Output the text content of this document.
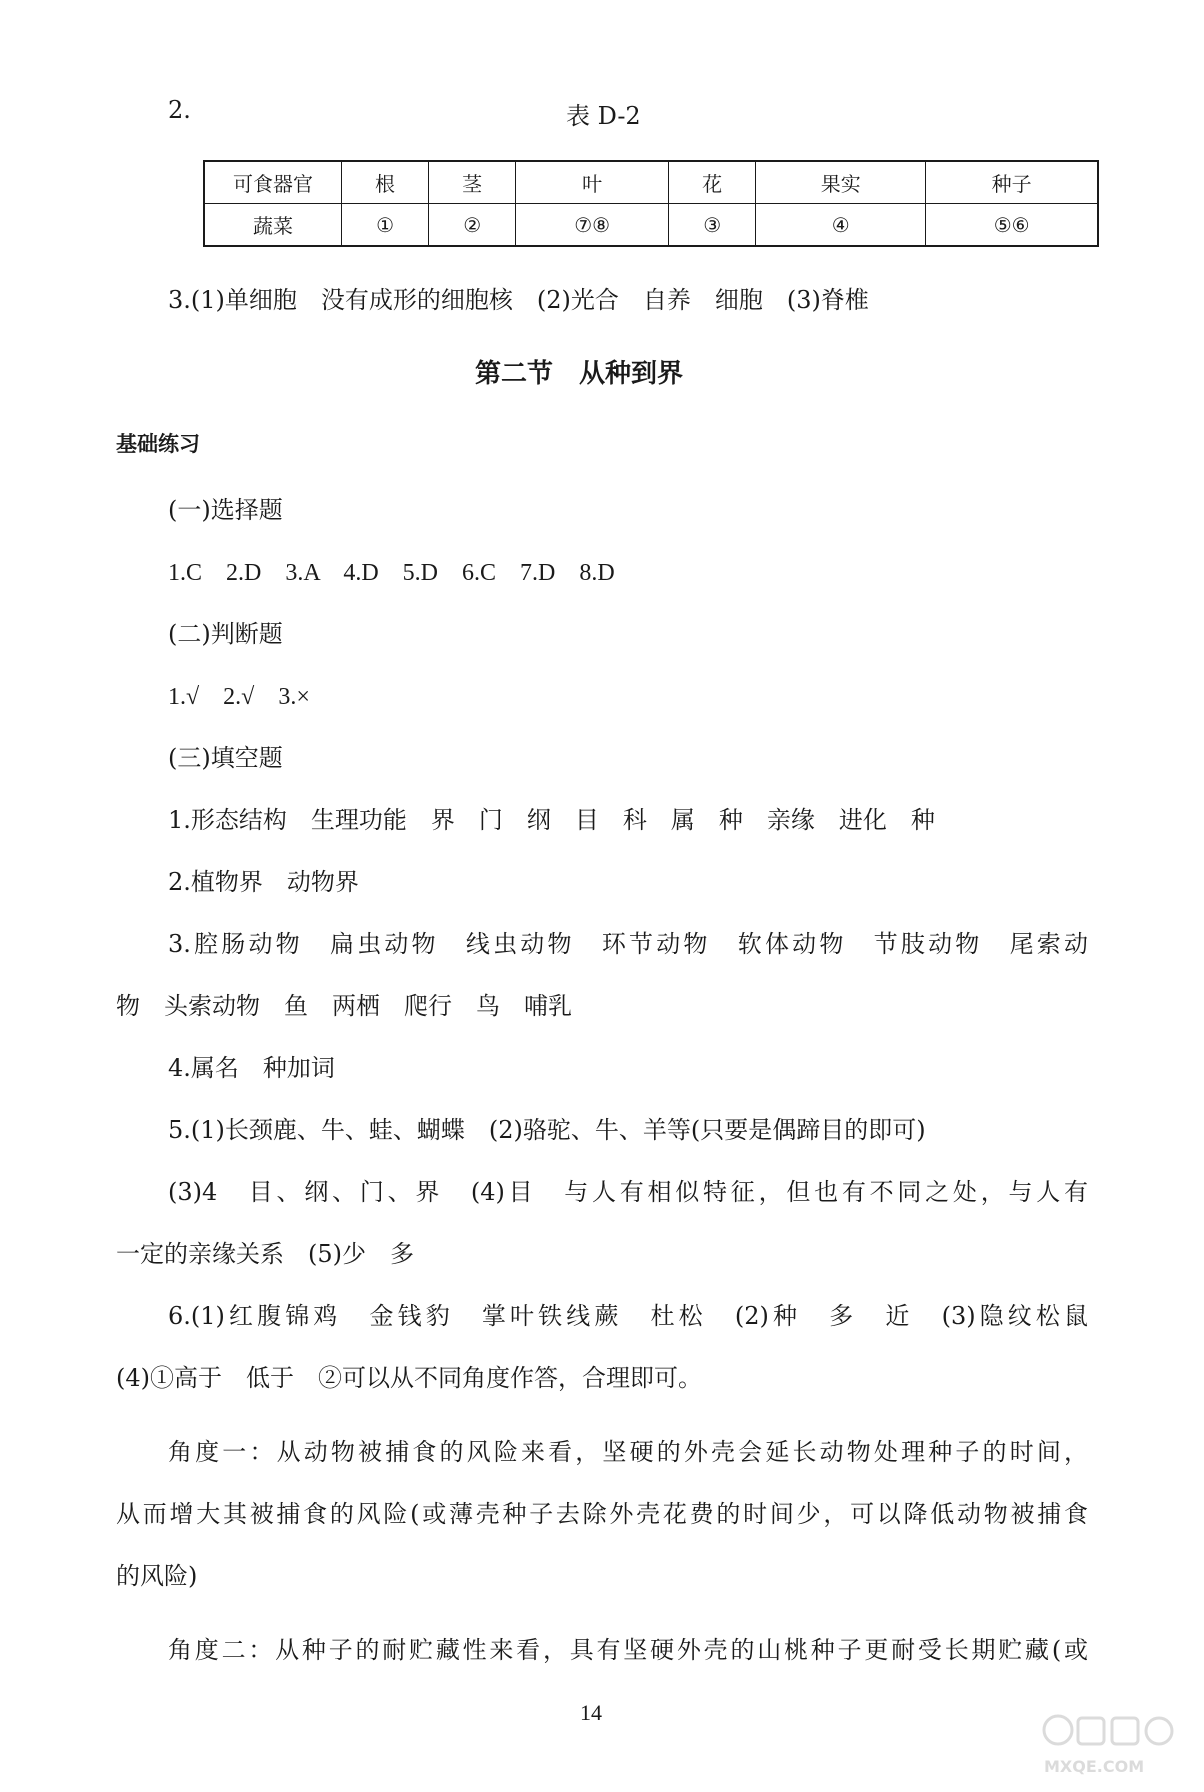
2.	表 D-2
可食器官	根	茎	叶	花	果实	种子
蔬菜	①	②	⑦⑧	③	④	⑤⑥
3.(1)单细胞　没有成形的细胞核　(2)光合　自养　细胞　(3)脊椎
第二节　从种到界
基础练习
(一)选择题
1.C　2.D　3.A　4.D　5.D　6.C　7.D　8.D
(二)判断题
1.√　2.√　3.×
(三)填空题
1.形态结构　生理功能　界　门　纲　目　科　属　种　亲缘　进化　种
2.植物界　动物界
3.腔肠动物　扁虫动物　线虫动物　环节动物　软体动物　节肢动物　尾索动
物　头索动物　鱼　两栖　爬行　鸟　哺乳
4.属名　种加词
5.(1)长颈鹿、牛、蛙、蝴蝶　(2)骆驼、牛、羊等(只要是偶蹄目的即可)
(3)4　目、纲、门、界　(4)目　与人有相似特征，但也有不同之处，与人有
一定的亲缘关系　(5)少　多
6.(1)红腹锦鸡　金钱豹　掌叶铁线蕨　杜松　(2)种　多　近　(3)隐纹松鼠
(4)①高于　低于　②可以从不同角度作答，合理即可。
角度一：从动物被捕食的风险来看，坚硬的外壳会延长动物处理种子的时间，
从而增大其被捕食的风险(或薄壳种子去除外壳花费的时间少，可以降低动物被捕食
的风险)
角度二：从种子的耐贮藏性来看，具有坚硬外壳的山桃种子更耐受长期贮藏(或
14
MXQE.COM
